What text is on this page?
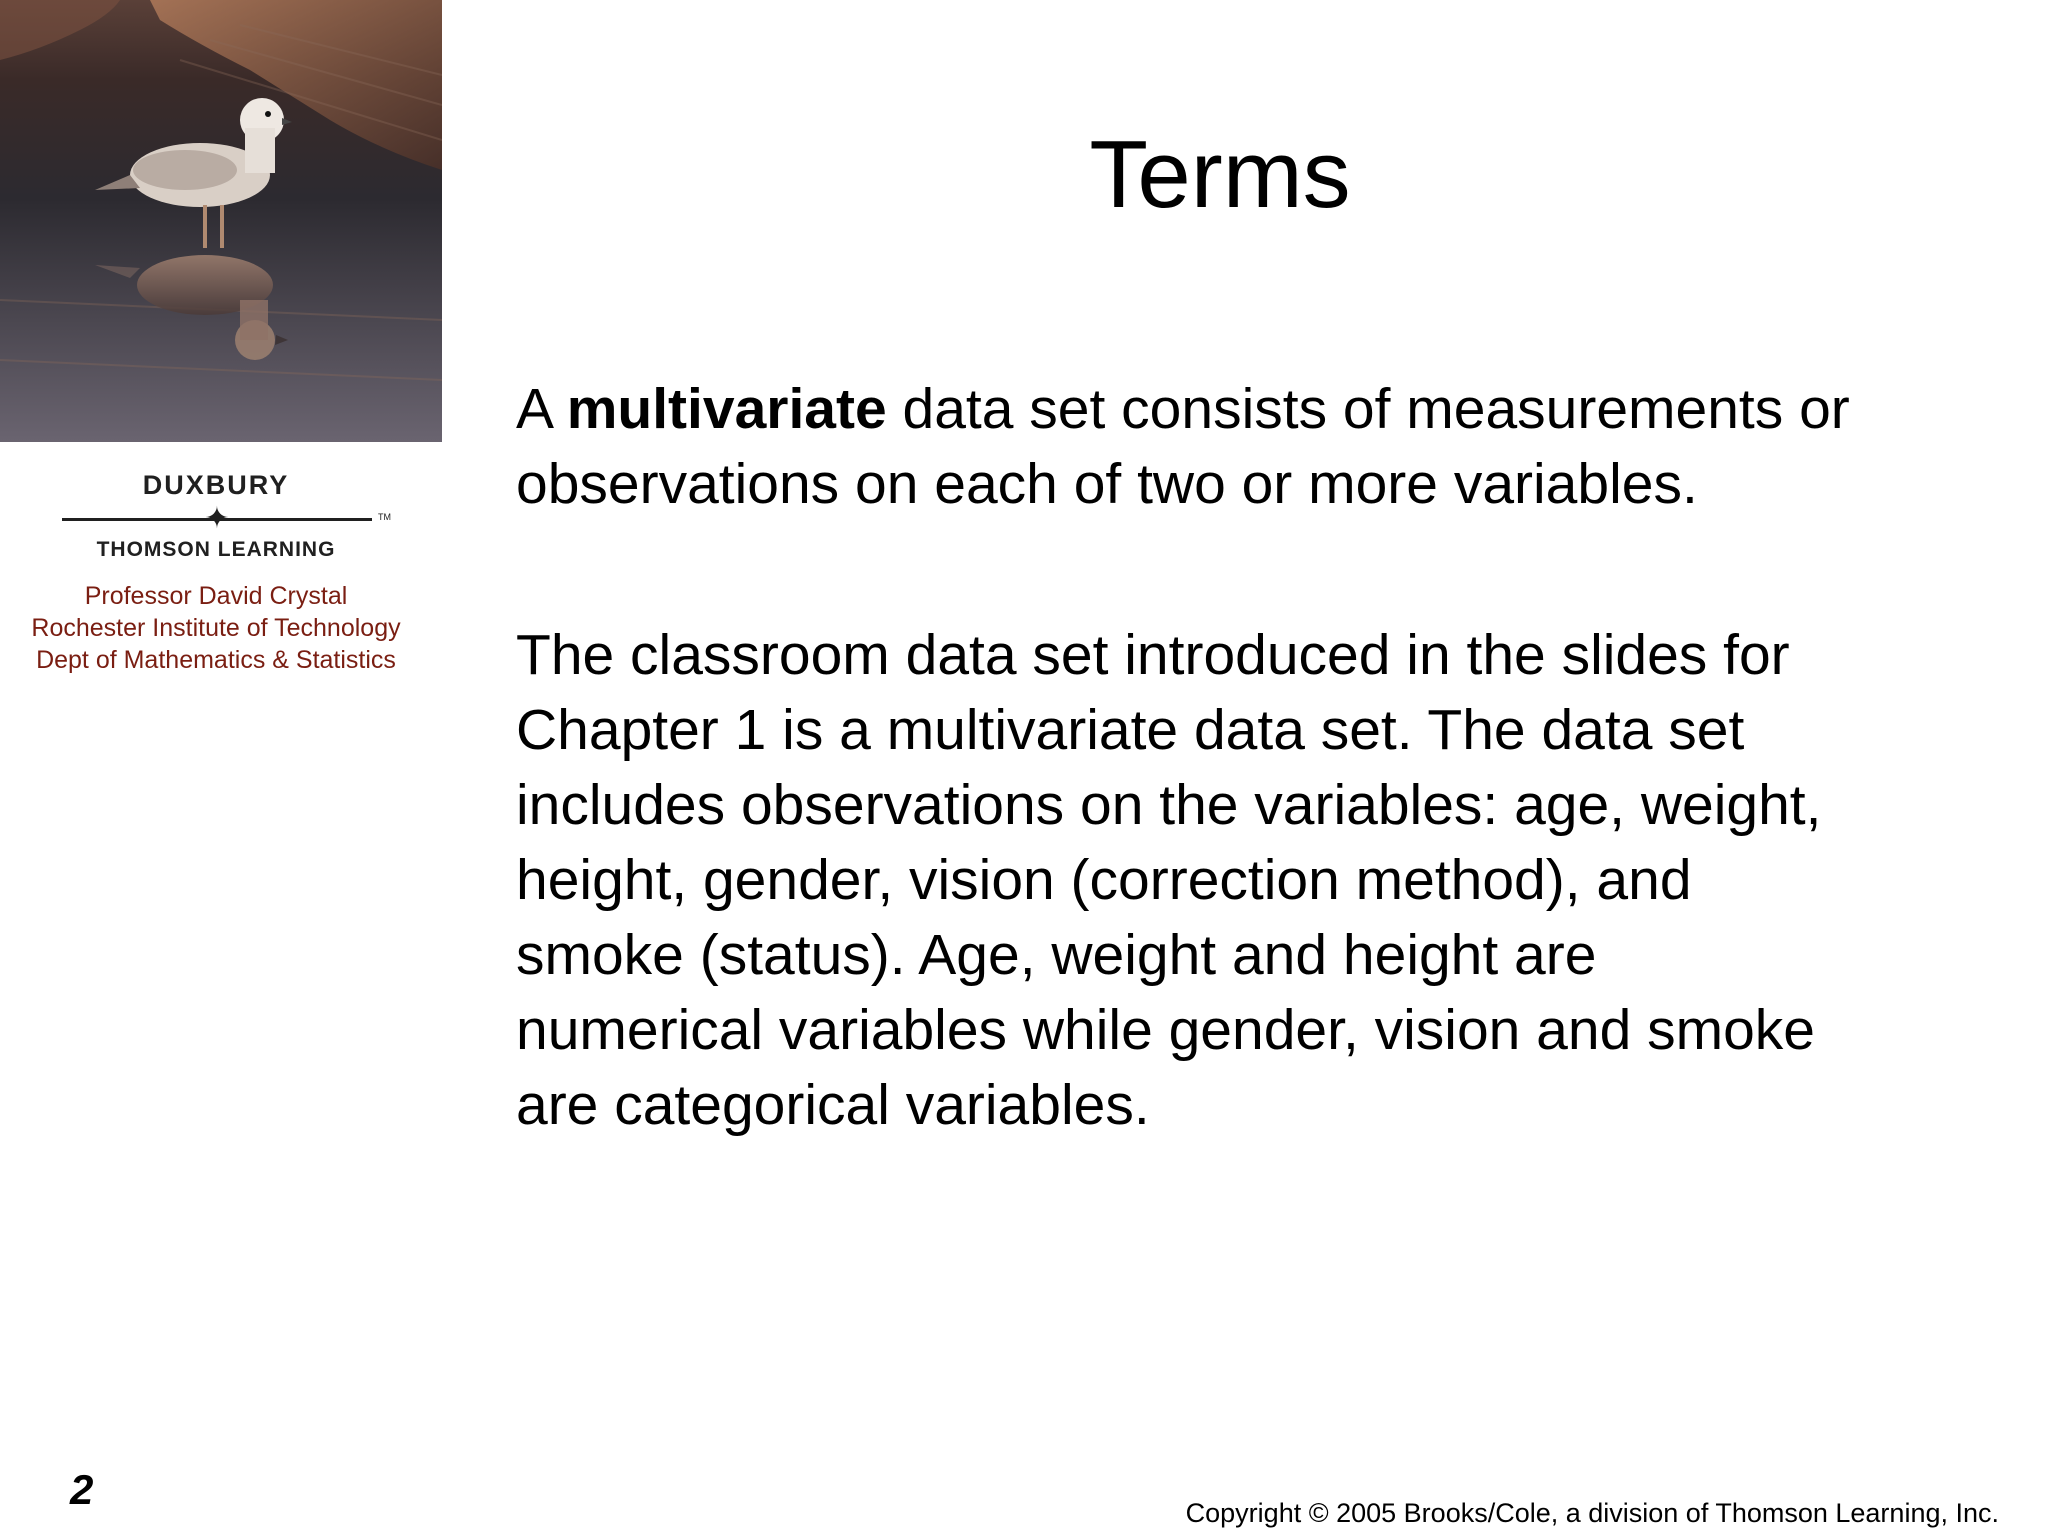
DUXBURY
✦	TM
THOMSON LEARNING
Professor David Crystal
Rochester Institute of Technology
Dept of Mathematics & Statistics
Terms
A multivariate data set consists of measurements or
observations on each of two or more variables.
The classroom data set introduced in the slides for
Chapter 1 is a multivariate data set. The data set
includes observations on the variables: age, weight,
height, gender, vision (correction method), and
smoke (status). Age, weight and height are
numerical variables while gender, vision and smoke
are categorical variables.
2	Copyright © 2005 Brooks/Cole, a division of Thomson Learning, Inc.
